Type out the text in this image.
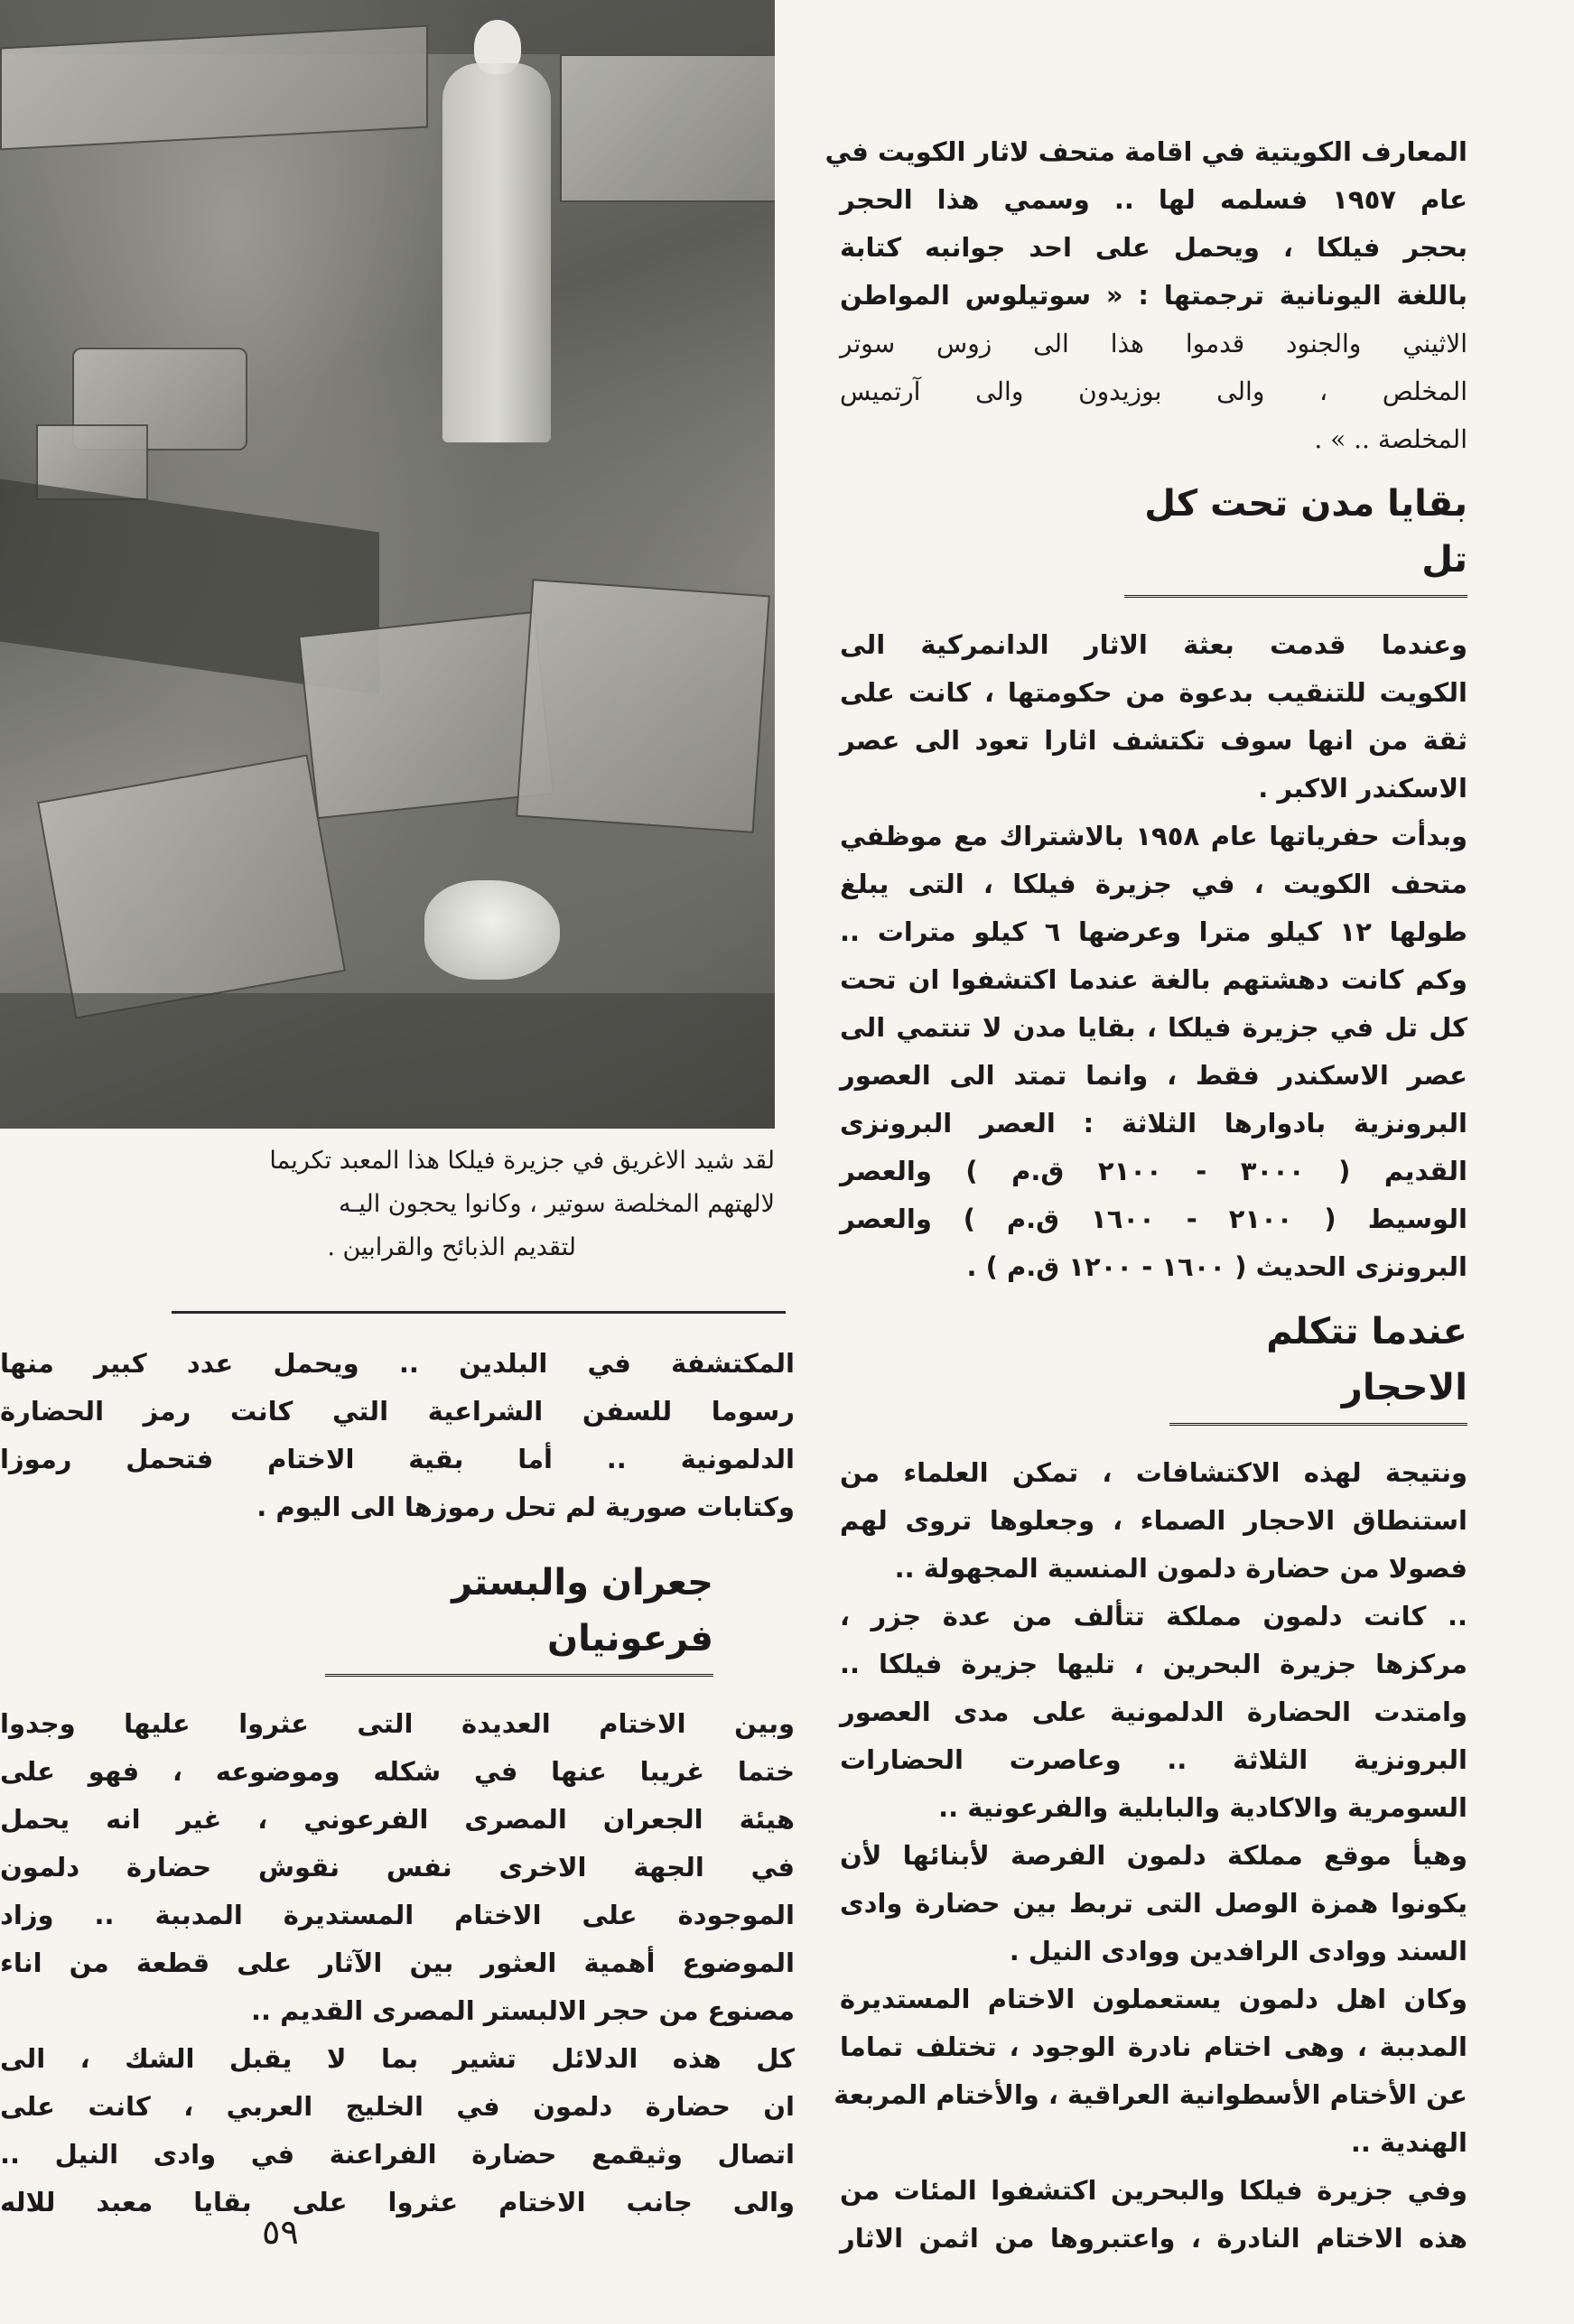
لقد شيد الاغريق في جزيرة فيلكا هذا المعبد تكريما
لالهتهم المخلصة سوتير ، وكانوا يحجون اليـه
لتقديم الذبائح والقرابين .
المعارف الكويتية في اقامة متحف لاثار الكويت في
عام ١٩٥٧ فسلمه لها .. وسمي هذا الحجر
بحجر فيلكا ، ويحمل على احد جوانبه كتابة
باللغة اليونانية ترجمتها : « سوتيلوس المواطن
الاثيني والجنود قدموا هذا الى زوس سوتر
المخلص ، والى بوزيدون والى آرتميس
المخلصة .. » .
بقايا مدن تحت كل تل
وعندما قدمت بعثة الاثار الدانمركية الى
الكويت للتنقيب بدعوة من حكومتها ، كانت على
ثقة من انها سوف تكتشف اثارا تعود الى عصر
الاسكندر الاكبر .
وبدأت حفرياتها عام ١٩٥٨ بالاشتراك مع موظفي
متحف الكويت ، في جزيرة فيلكا ، التى يبلغ
طولها ١٢ كيلو مترا وعرضها ٦ كيلو مترات ..
وكم كانت دهشتهم بالغة عندما اكتشفوا ان تحت
كل تل في جزيرة فيلكا ، بقايا مدن لا تنتمي الى
عصر الاسكندر فقط ، وانما تمتد الى العصور
البرونزية بادوارها الثلاثة : العصر البرونزى
القديم ( ٣٠٠٠ - ٢١٠٠ ق.م ) والعصر
الوسيط ( ٢١٠٠ - ١٦٠٠ ق.م ) والعصر
البرونزى الحديث ( ١٦٠٠ - ١٢٠٠ ق.م ) .
عندما تتكلم الاحجار
ونتيجة لهذه الاكتشافات ، تمكن العلماء من
استنطاق الاحجار الصماء ، وجعلوها تروى لهم
فصولا من حضارة دلمون المنسية المجهولة ..
.. كانت دلمون مملكة تتألف من عدة جزر ،
مركزها جزيرة البحرين ، تليها جزيرة فيلكا ..
وامتدت الحضارة الدلمونية على مدى العصور
البرونزية الثلاثة .. وعاصرت الحضارات
السومرية والاكادية والبابلية والفرعونية ..
وهيأ موقع مملكة دلمون الفرصة لأبنائها لأن
يكونوا همزة الوصل التى تربط بين حضارة وادى
السند ووادى الرافدين ووادى النيل .
وكان اهل دلمون يستعملون الاختام المستديرة
المدببة ، وهى اختام نادرة الوجود ، تختلف تماما
عن الأختام الأسطوانية العراقية ، والأختام المربعة
الهندية ..
وفي جزيرة فيلكا والبحرين اكتشفوا المئات من
هذه الاختام النادرة ، واعتبروها من اثمن الاثار
المكتشفة في البلدين .. ويحمل عدد كبير منها
رسوما للسفن الشراعية التي كانت رمز الحضارة
الدلمونية .. أما بقية الاختام فتحمل رموزا
وكتابات صورية لم تحل رموزها الى اليوم .
جعران والبستر فرعونيان
وبين الاختام العديدة التى عثروا عليها وجدوا
ختما غريبا عنها في شكله وموضوعه ، فهو على
هيئة الجعران المصرى الفرعوني ، غير انه يحمل
في الجهة الاخرى نفس نقوش حضارة دلمون
الموجودة على الاختام المستديرة المدببة .. وزاد
الموضوع أهمية العثور بين الآثار على قطعة من اناء
مصنوع من حجر الالبستر المصرى القديم ..
كل هذه الدلائل تشير بما لا يقبل الشك ، الى
ان حضارة دلمون في الخليج العربي ، كانت على
اتصال وثيقمع حضارة الفراعنة في وادى النيل ..
والى جانب الاختام عثروا على بقايا معبد للاله
٥٩
